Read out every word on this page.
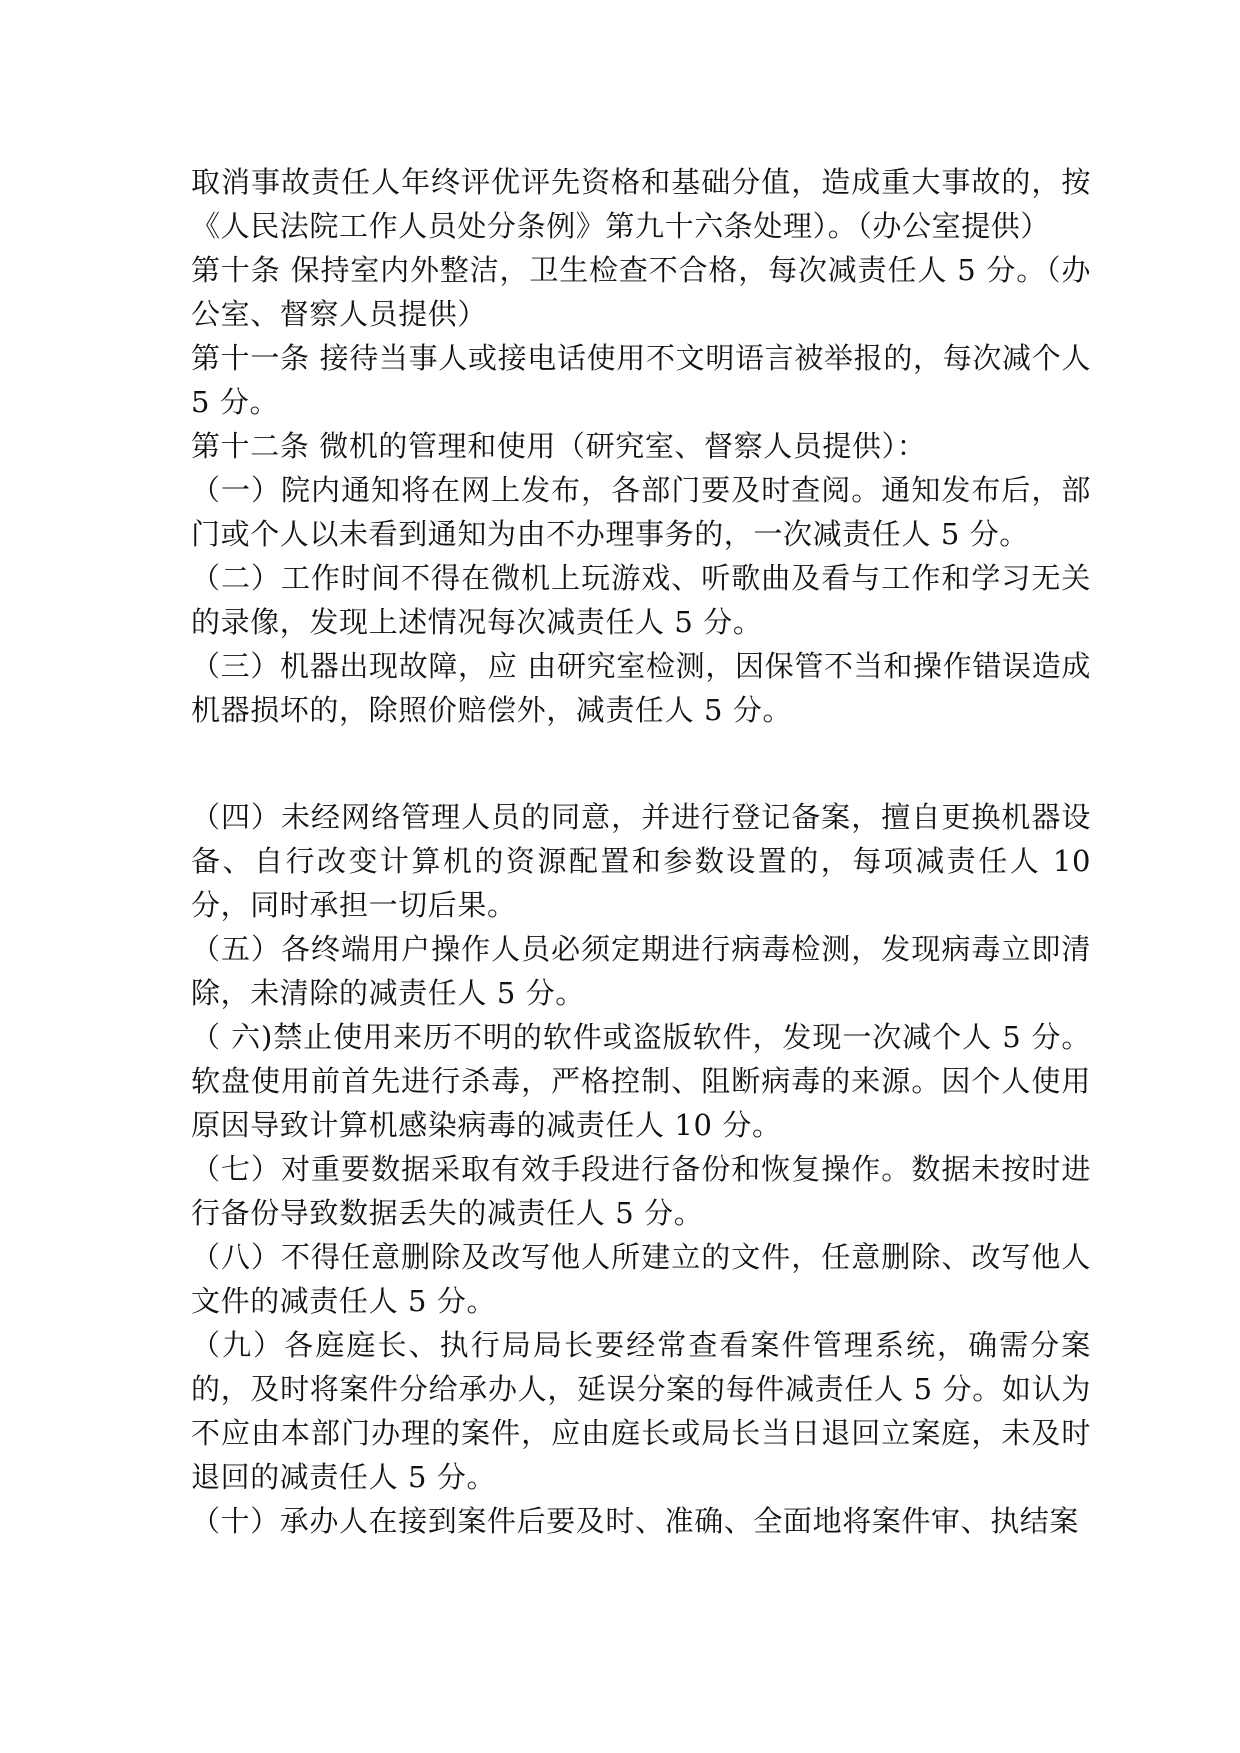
取消事故责任人年终评优评先资格和基础分值，造成重大事故的，按《人民法院工作人员处分条例》第九十六条处理）。（办公室提供）

第十条 保持室内外整洁，卫生检查不合格，每次减责任人 5 分。（办公室、督察人员提供）

第十一条 接待当事人或接电话使用不文明语言被举报的，每次减个人 5 分。

第十二条 微机的管理和使用（研究室、督察人员提供）：

（一）院内通知将在网上发布，各部门要及时查阅。通知发布后，部门或个人以未看到通知为由不办理事务的，一次减责任人 5 分。

（二）工作时间不得在微机上玩游戏、听歌曲及看与工作和学习无关的录像，发现上述情况每次减责任人 5 分。

（三）机器出现故障，应 由研究室检测，因保管不当和操作错误造成机器损坏的，除照价赔偿外，减责任人 5 分。

（四）未经网络管理人员的同意，并进行登记备案，擅自更换机器设备、自行改变计算机的资源配置和参数设置的，每项减责任人 10 分，同时承担一切后果。

（五）各终端用户操作人员必须定期进行病毒检测，发现病毒立即清除，未清除的减责任人 5 分。

（ 六)禁止使用来历不明的软件或盗版软件，发现一次减个人 5 分。软盘使用前首先进行杀毒，严格控制、阻断病毒的来源。因个人使用原因导致计算机感染病毒的减责任人 10 分。

（七）对重要数据采取有效手段进行备份和恢复操作。数据未按时进行备份导致数据丢失的减责任人 5 分。

（八）不得任意删除及改写他人所建立的文件，任意删除、改写他人文件的减责任人 5 分。

（九）各庭庭长、执行局局长要经常查看案件管理系统，确需分案的，及时将案件分给承办人，延误分案的每件减责任人 5 分。如认为不应由本部门办理的案件，应由庭长或局长当日退回立案庭，未及时退回的减责任人 5 分。

（十）承办人在接到案件后要及时、准确、全面地将案件审、执结案
